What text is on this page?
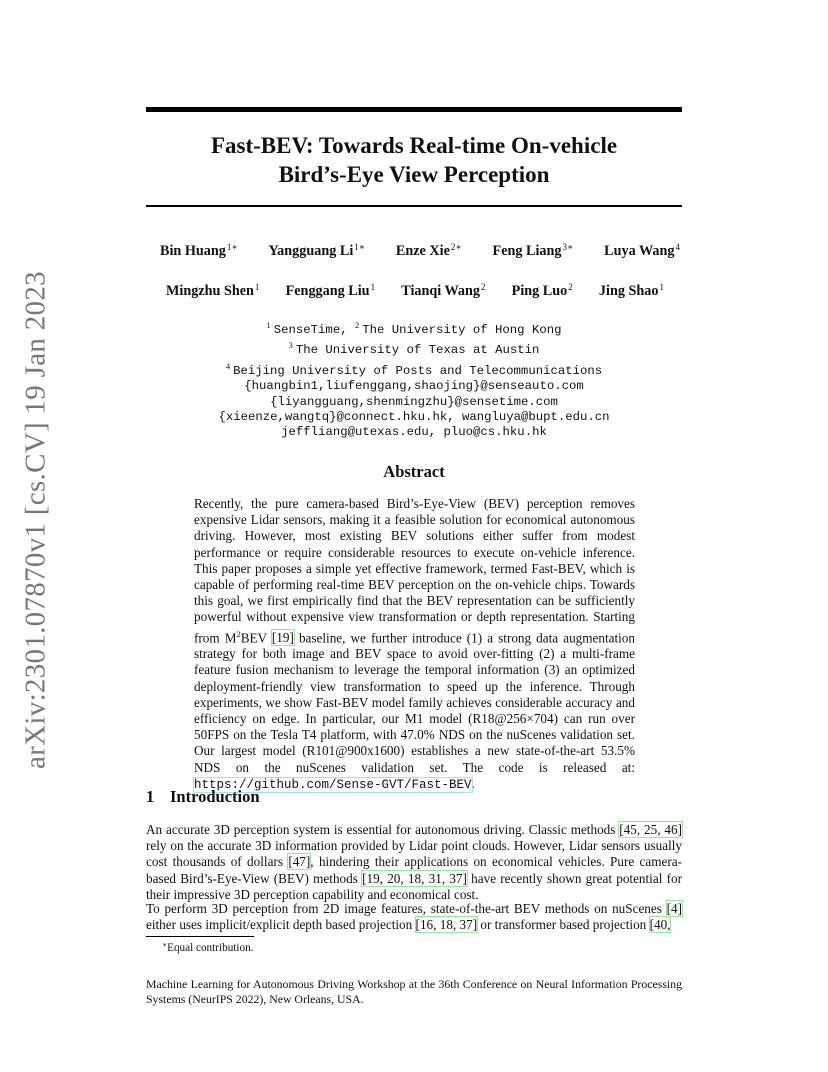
arXiv:2301.07870v1 [cs.CV] 19 Jan 2023
Fast-BEV: Towards Real-time On-vehicle
Bird’s-Eye View Perception
Bin Huang$^{1∗}$ Yangguang $Li^{1∗}$ Enze Xie$^{2∗}$ Feng Liang$^{3∗}$ Luya Wang$^4$
Mingzhu Shen$^1$ Fenggang Liu$^1$ Tianqi Wang$^2$ Ping Luo$^2$ Jing Shao$^1$
$^1$ SenseTime, $^2$ The University of Hong Kong
$^3$ The University of Texas at Austin
$^4$ Beijing University of Posts and Telecommunications
{huangbin1,liufenggang,shaojing}@senseauto.com
{liyangguang,shenmingzhu}@sensetime.com
{xieenze,wangtq}@connect.hku.hk, wangluya@bupt.edu.cn
jeffliang@utexas.edu, pluo@cs.hku.hk
Abstract
Recently, the pure camera-based Bird’s-Eye-View (BEV) perception removes expensive Lidar sensors, making it a feasible solution for economical autonomous driving. However, most existing BEV solutions either suffer from modest performance or require considerable resources to execute on-vehicle inference. This paper proposes a simple yet effective framework, termed Fast-BEV, which is capable of performing real-time BEV perception on the on-vehicle chips. Towards this goal, we first empirically find that the BEV representation can be sufficiently powerful without expensive view transformation or depth representation. Starting from $M^2BEV$ [19] baseline, we further introduce (1) a strong data augmentation strategy for both image and BEV space to avoid over-fitting (2) a multi-frame feature fusion mechanism to leverage the temporal information (3) an optimized deployment-friendly view transformation to speed up the inference. Through experiments, we show Fast-BEV model family achieves considerable accuracy and efficiency on edge. In particular, our M1 model (R18@256×704) can run over 50FPS on the Tesla T4 platform, with 47.0% NDS on the nuScenes validation set. Our largest model (R101@900x1600) establishes a new state-of-the-art 53.5% NDS on the nuScenes validation set. The code is released at: https://github.com/Sense-GVT/Fast-BEV.
1 Introduction
An accurate 3D perception system is essential for autonomous driving. Classic methods [45, 25, 46] rely on the accurate 3D information provided by Lidar point clouds. However, Lidar sensors usually cost thousands of dollars [47], hindering their applications on economical vehicles. Pure camera-based Bird’s-Eye-View (BEV) methods [19, 20, 18, 31, 37] have recently shown great potential for their impressive 3D perception capability and economical cost.
To perform 3D perception from 2D image features, state-of-the-art BEV methods on nuScenes [4] either uses implicit/explicit depth based projection [16, 18, 37] or transformer based projection [40,
∗Equal contribution.
Machine Learning for Autonomous Driving Workshop at the 36th Conference on Neural Information Processing Systems (NeurIPS 2022), New Orleans, USA.
